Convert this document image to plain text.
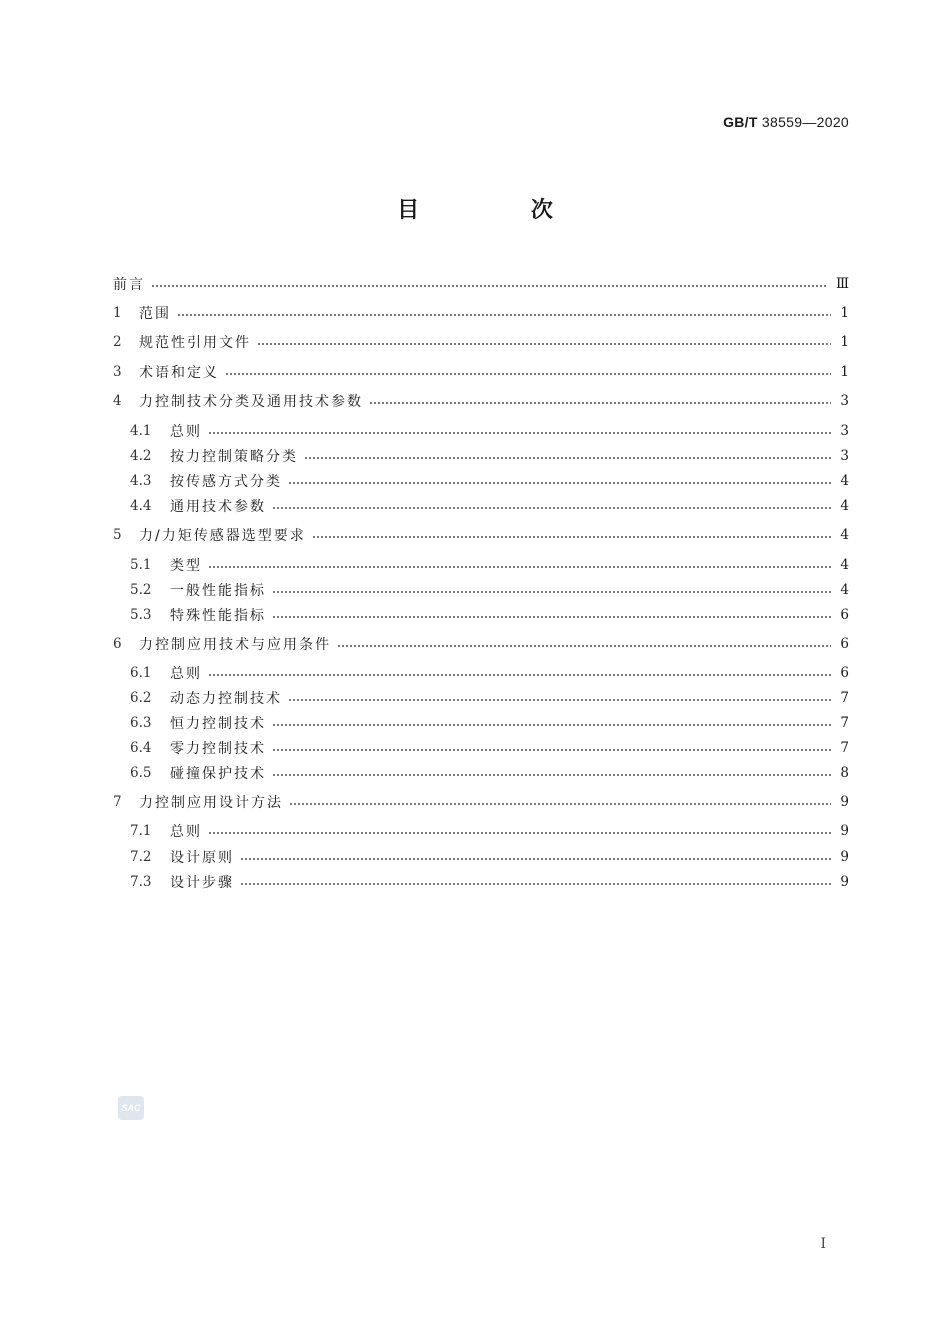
GB/T 38559—2020
目 次
前言	Ⅲ
1	范围	1
2	规范性引用文件	1
3	术语和定义	1
4	力控制技术分类及通用技术参数	3
4.1	总则	3
4.2	按力控制策略分类	3
4.3	按传感方式分类	4
4.4	通用技术参数	4
5	力/力矩传感器选型要求	4
5.1	类型	4
5.2	一般性能指标	4
5.3	特殊性能指标	6
6	力控制应用技术与应用条件	6
6.1	总则	6
6.2	动态力控制技术	7
6.3	恒力控制技术	7
6.4	零力控制技术	7
6.5	碰撞保护技术	8
7	力控制应用设计方法	9
7.1	总则	9
7.2	设计原则	9
7.3	设计步骤	9
SAC
I
